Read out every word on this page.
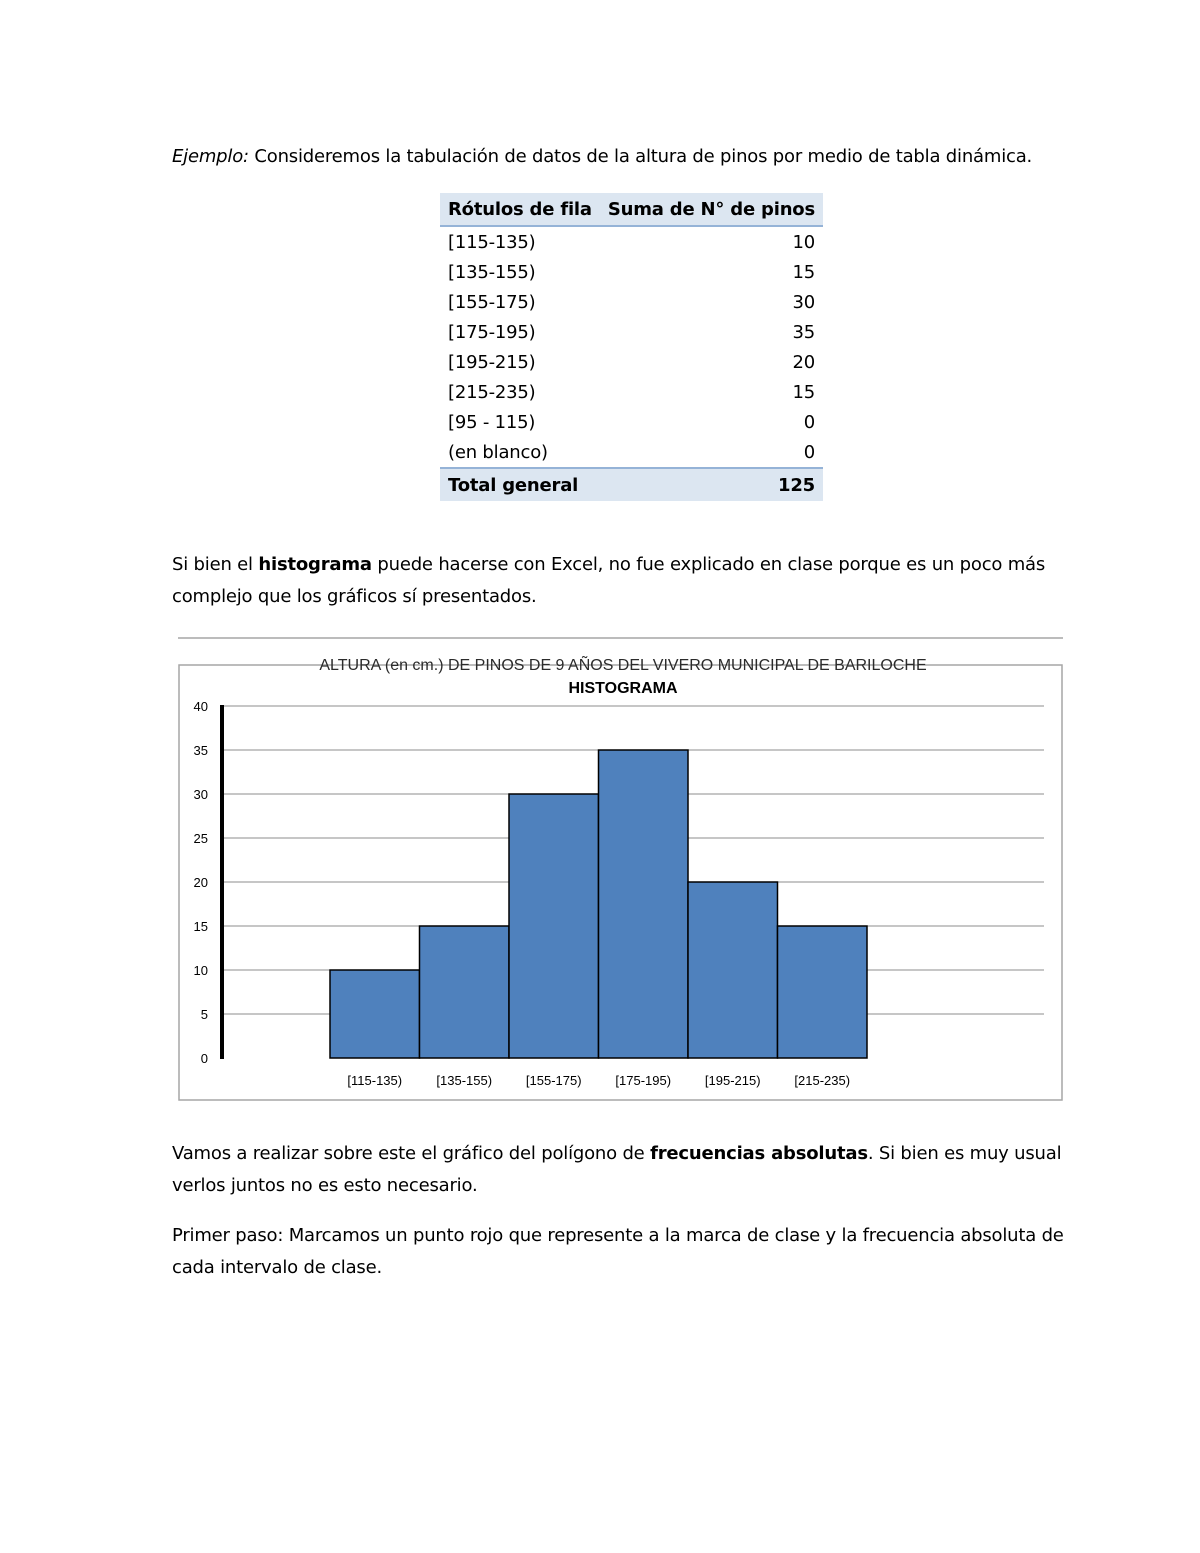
Ejemplo: Consideremos la tabulación de datos de la altura de pinos por medio de tabla dinámica.
Rótulos de fila	Suma de N° de pinos
[115-135)	10
[135-155)	15
[155-175)	30
[175-195)	35
[195-215)	20
[215-235)	15
[95 - 115)	0
(en blanco)	0
Total general	125
Si bien el histograma puede hacerse con Excel, no fue explicado en clase porque es un poco más complejo que los gráficos sí presentados.
ALTURA (en cm.) DE PINOS DE 9 AÑOS DEL VIVERO MUNICIPAL DE BARILOCHE
HISTOGRAMA
0
5
10
15
20
25
30
35
40
[115-135)	[135-155)	[155-175)	[175-195)	[195-215)	[215-235)
Vamos a realizar sobre este el gráfico del polígono de frecuencias absolutas. Si bien es muy usual verlos juntos no es esto necesario.
Primer paso: Marcamos un punto rojo que represente a la marca de clase y la frecuencia absoluta de cada intervalo de clase.
